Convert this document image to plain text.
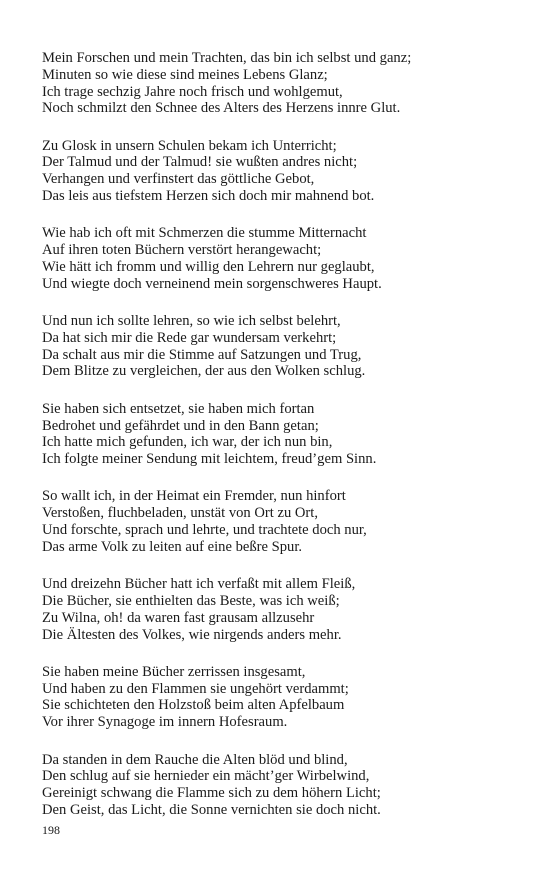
Mein Forschen und mein Trachten, das bin ich selbst und ganz;
Minuten so wie diese sind meines Lebens Glanz;
Ich trage sechzig Jahre noch frisch und wohlgemut,
Noch schmilzt den Schnee des Alters des Herzens innre Glut.
Zu Glosk in unsern Schulen bekam ich Unterricht;
Der Talmud und der Talmud! sie wußten andres nicht;
Verhangen und verfinstert das göttliche Gebot,
Das leis aus tiefstem Herzen sich doch mir mahnend bot.
Wie hab ich oft mit Schmerzen die stumme Mitternacht
Auf ihren toten Büchern verstört herangewacht;
Wie hätt ich fromm und willig den Lehrern nur geglaubt,
Und wiegte doch verneinend mein sorgenschweres Haupt.
Und nun ich sollte lehren, so wie ich selbst belehrt,
Da hat sich mir die Rede gar wundersam verkehrt;
Da schalt aus mir die Stimme auf Satzungen und Trug,
Dem Blitze zu vergleichen, der aus den Wolken schlug.
Sie haben sich entsetzet, sie haben mich fortan
Bedrohet und gefährdet und in den Bann getan;
Ich hatte mich gefunden, ich war, der ich nun bin,
Ich folgte meiner Sendung mit leichtem, freud’gem Sinn.
So wallt ich, in der Heimat ein Fremder, nun hinfort
Verstoßen, fluchbeladen, unstät von Ort zu Ort,
Und forschte, sprach und lehrte, und trachtete doch nur,
Das arme Volk zu leiten auf eine beßre Spur.
Und dreizehn Bücher hatt ich verfaßt mit allem Fleiß,
Die Bücher, sie enthielten das Beste, was ich weiß;
Zu Wilna, oh! da waren fast grausam allzusehr
Die Ältesten des Volkes, wie nirgends anders mehr.
Sie haben meine Bücher zerrissen insgesamt,
Und haben zu den Flammen sie ungehört verdammt;
Sie schichteten den Holzstoß beim alten Apfelbaum
Vor ihrer Synagoge im innern Hofesraum.
Da standen in dem Rauche die Alten blöd und blind,
Den schlug auf sie hernieder ein mächt’ger Wirbelwind,
Gereinigt schwang die Flamme sich zu dem höhern Licht;
Den Geist, das Licht, die Sonne vernichten sie doch nicht.
198
